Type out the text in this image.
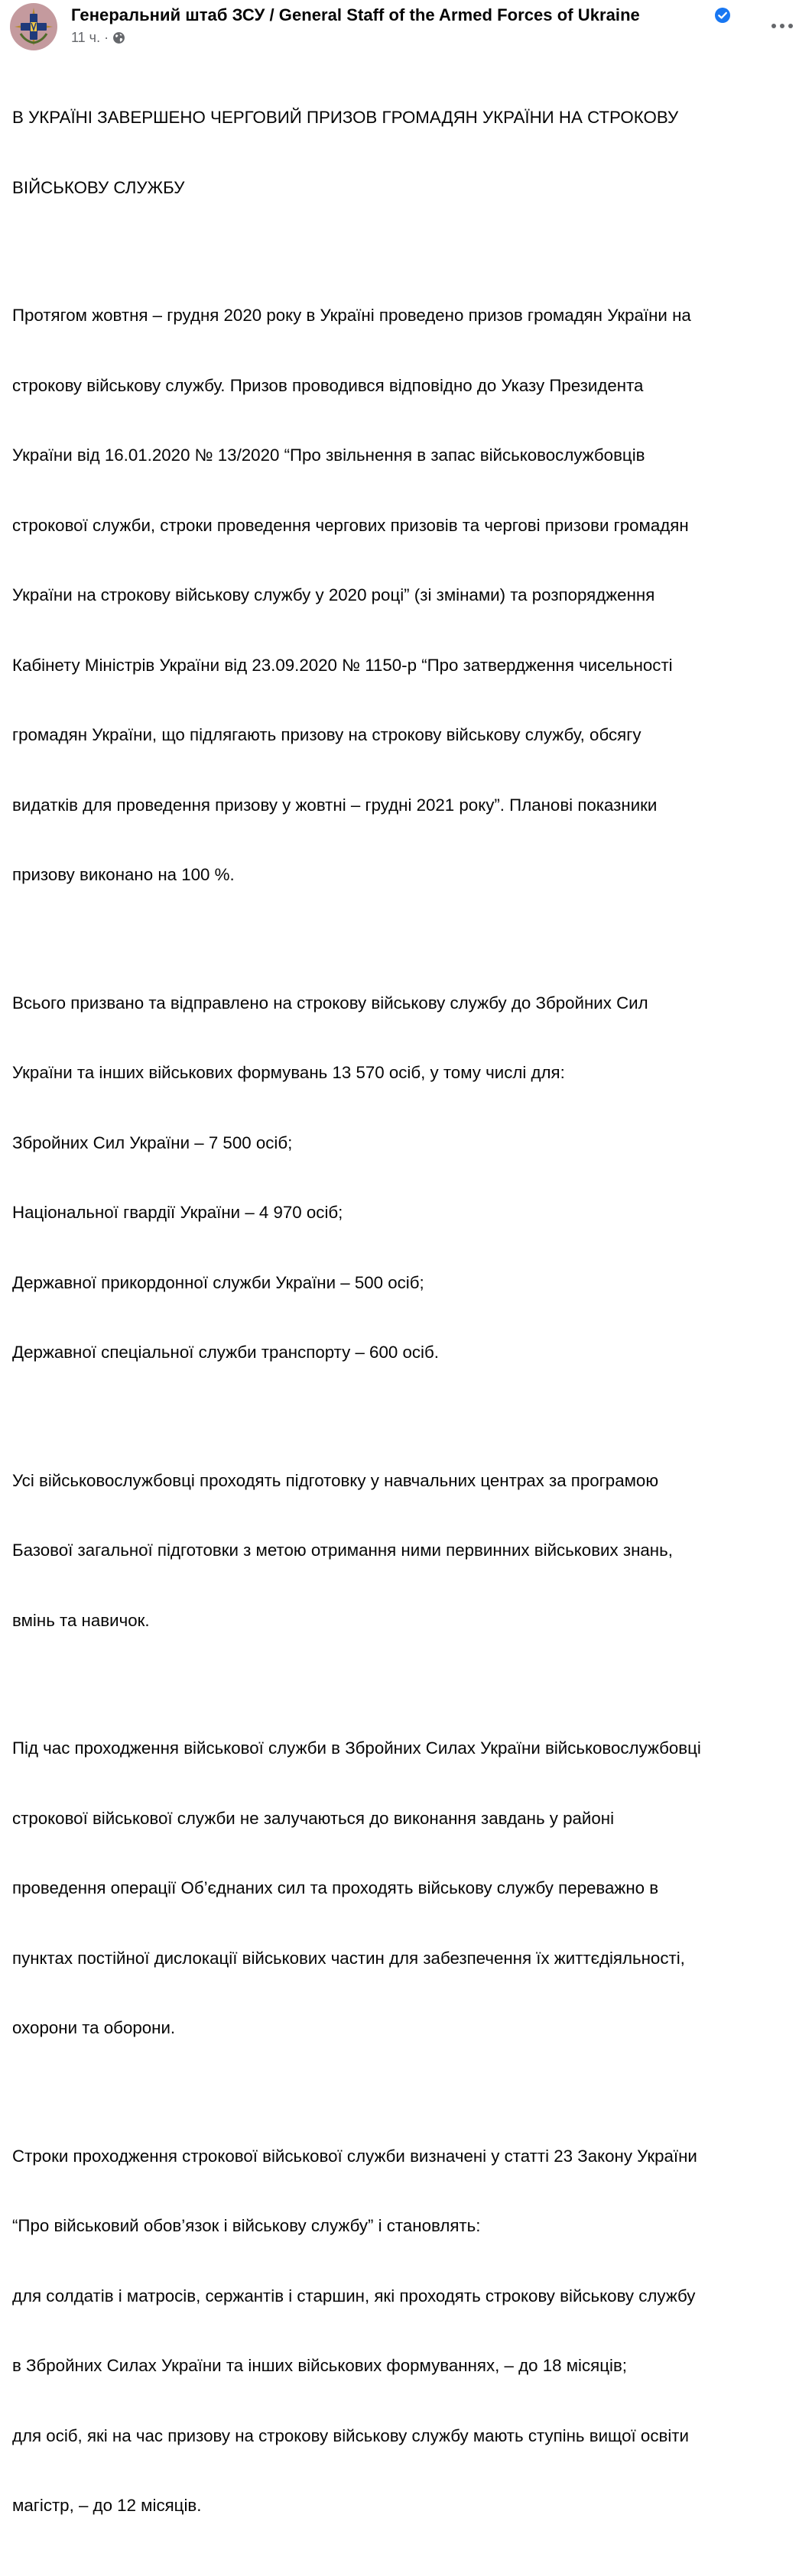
Генеральний штаб ЗСУ / General Staff of the Armed Forces of Ukraine
11 ч. ·

В УКРАЇНІ ЗАВЕРШЕНО ЧЕРГОВИЙ ПРИЗОВ ГРОМАДЯН УКРАЇНИ НА СТРОКОВУ

ВІЙСЬКОВУ СЛУЖБУ

Протягом жовтня – грудня 2020 року в Україні проведено призов громадян України на

строкову військову службу. Призов проводився відповідно до Указу Президента

України від 16.01.2020 № 13/2020 “Про звільнення в запас військовослужбовців

строкової служби, строки проведення чергових призовів та чергові призови громадян

України на строкову військову службу у 2020 році” (зі змінами) та розпорядження

Кабінету Міністрів України від 23.09.2020 № 1150-р “Про затвердження чисельності

громадян України, що підлягають призову на строкову військову службу, обсягу

видатків для проведення призову у жовтні – грудні 2021 року”. Планові показники

призову виконано на 100 %.

Всього призвано та відправлено на строкову військову службу до Збройних Сил

України та інших військових формувань 13 570 осіб, у тому числі для:

Збройних Сил України – 7 500 осіб;

Національної гвардії України – 4 970 осіб;

Державної прикордонної служби України – 500 осіб;

Державної спеціальної служби транспорту – 600 осіб.

Усі військовослужбовці проходять підготовку у навчальних центрах за програмою

Базової загальної підготовки з метою отримання ними первинних військових знань,

вмінь та навичок.

Під час проходження військової служби в Збройних Силах України військовослужбовці

строкової військової служби не залучаються до виконання завдань у районі

проведення операції Об’єднаних сил та проходять військову службу переважно в

пунктах постійної дислокації військових частин для забезпечення їх життєдіяльності,

охорони та оборони.

Строки проходження строкової військової служби визначені у статті 23 Закону України

“Про військовий обов’язок і військову службу” і становлять:

для солдатів і матросів, сержантів і старшин, які проходять строкову військову службу

в Збройних Силах України та інших військових формуваннях, – до 18 місяців;

для осіб, які на час призову на строкову військову службу мають ступінь вищої освіти

магістр, – до 12 місяців.
